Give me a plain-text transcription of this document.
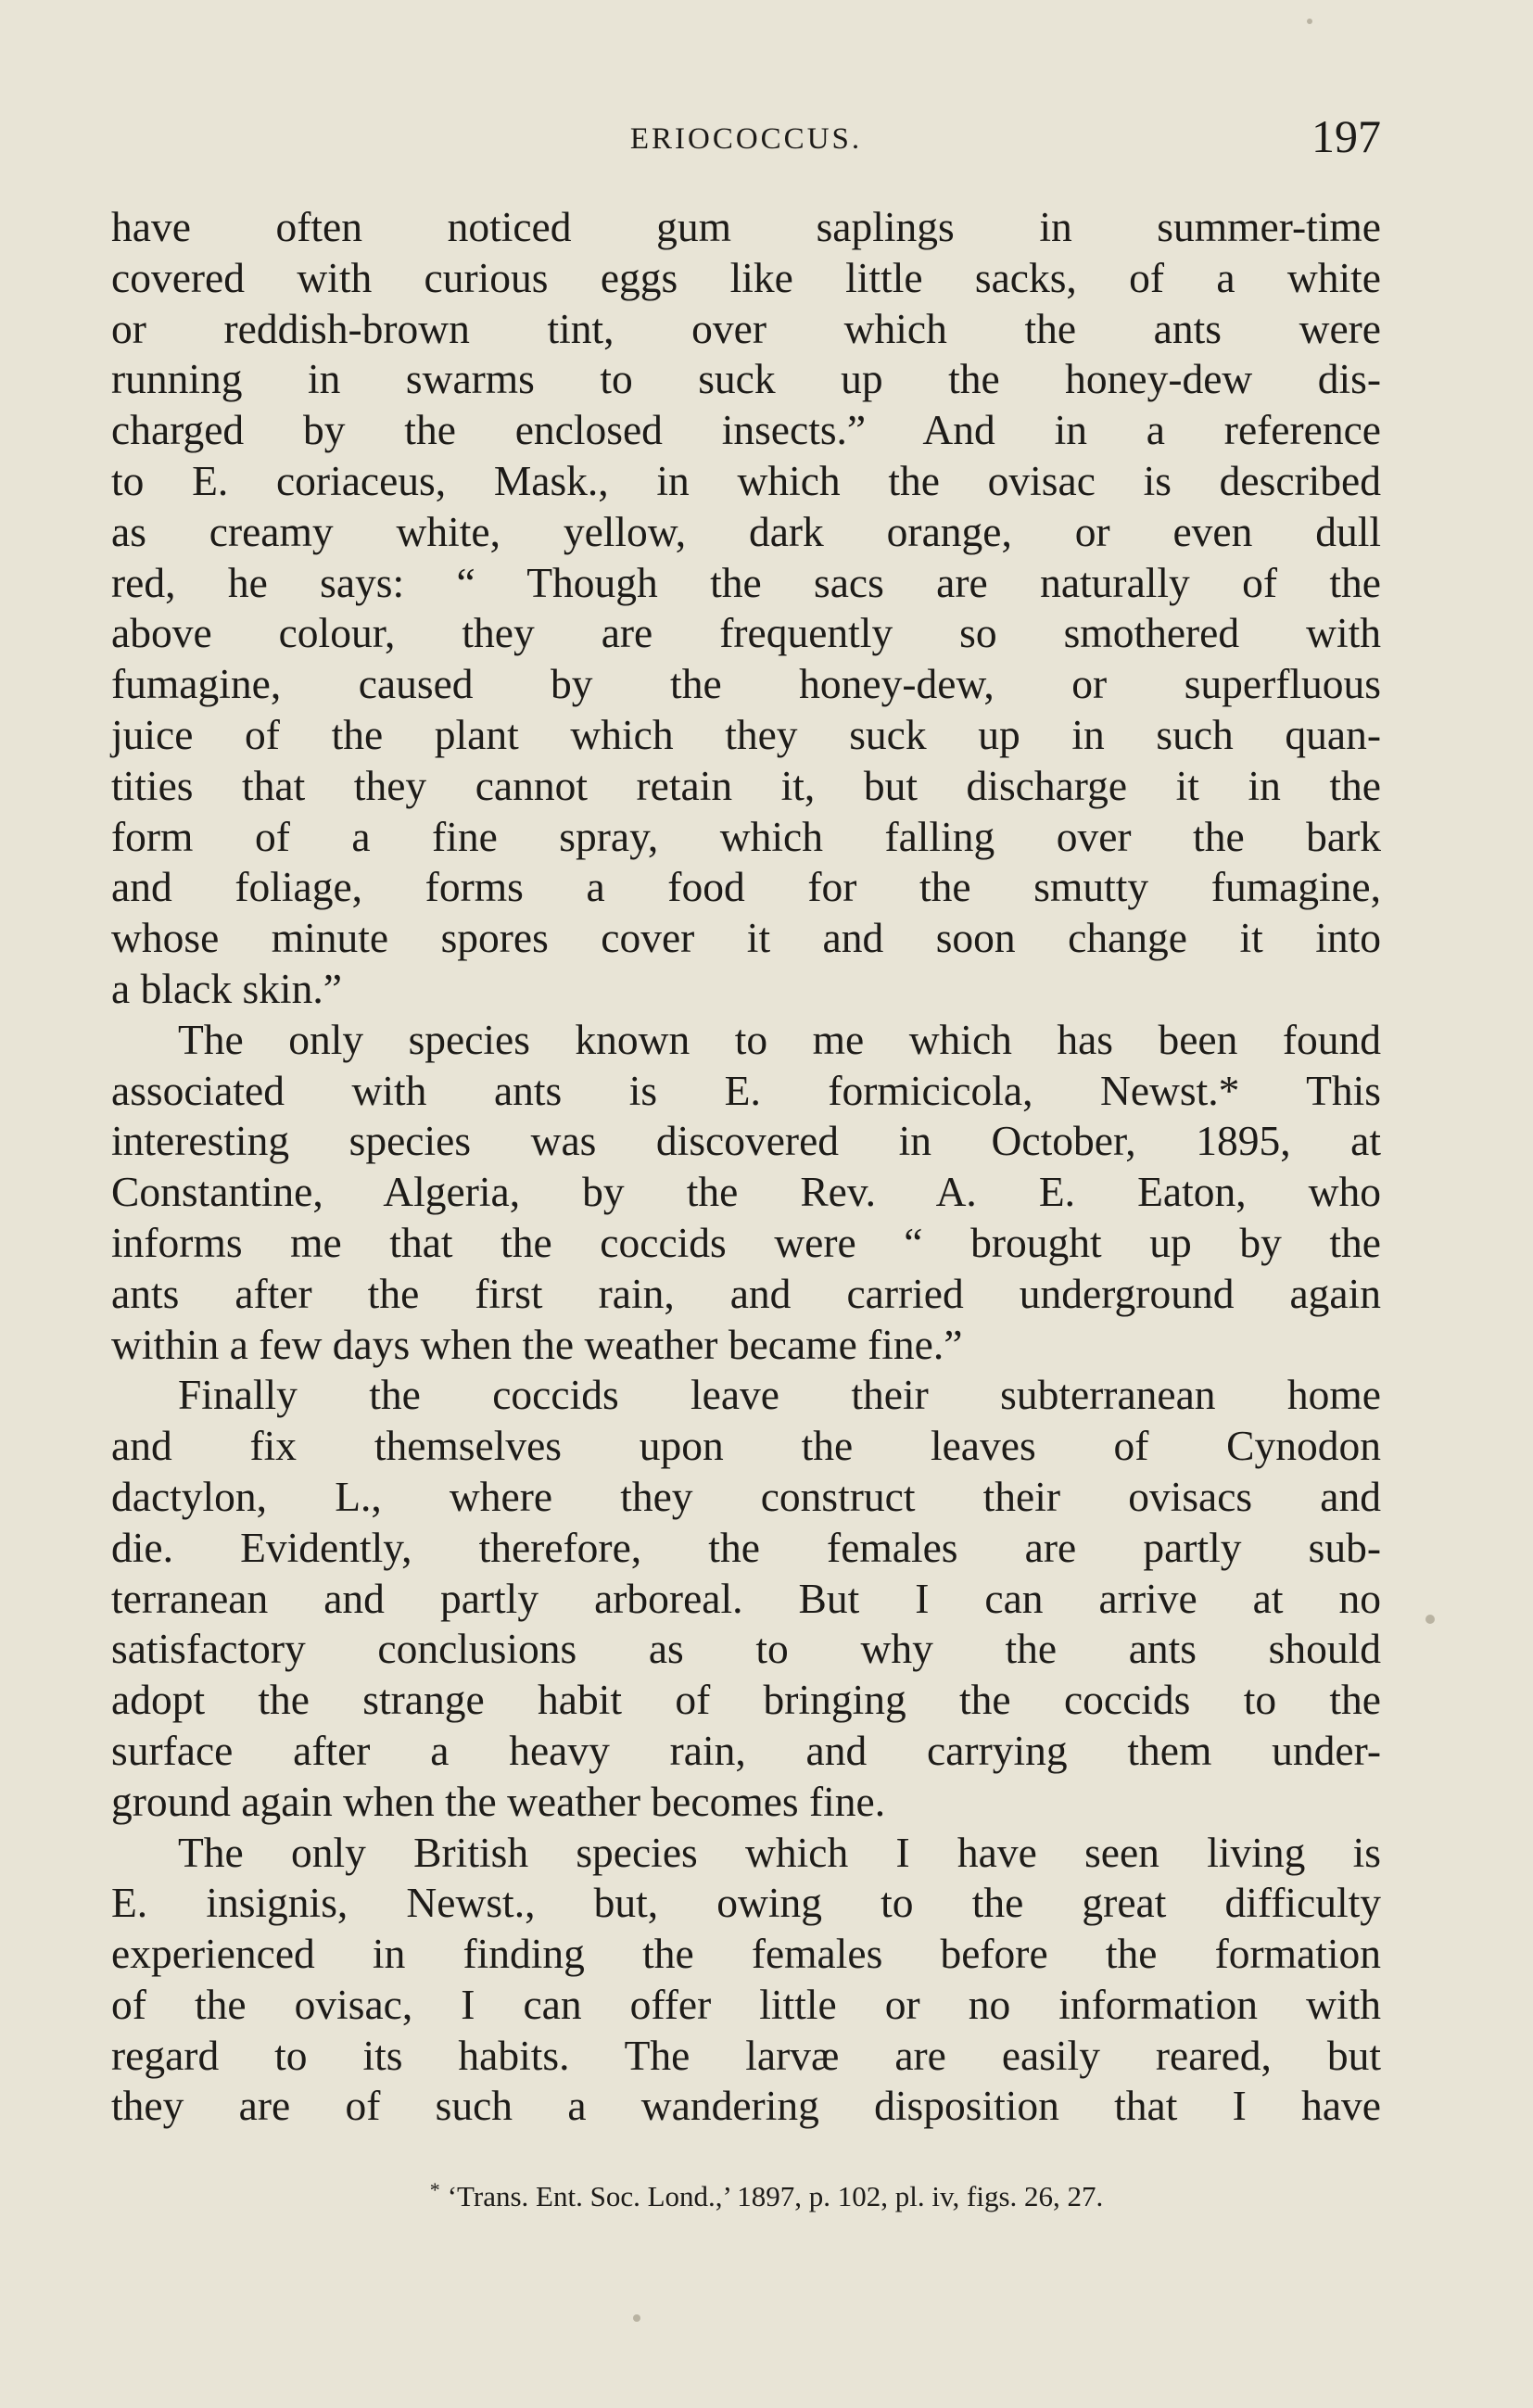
ERIOCOCCUS.	197
have often noticed gum saplings in summer-time
covered with curious eggs like little sacks, of a white
or reddish-brown tint, over which the ants were
running in swarms to suck up the honey-dew dis-
charged by the enclosed insects.” And in a reference
to E. coriaceus, Mask., in which the ovisac is described
as creamy white, yellow, dark orange, or even dull
red, he says: “ Though the sacs are naturally of the
above colour, they are frequently so smothered with
fumagine, caused by the honey-dew, or superfluous
juice of the plant which they suck up in such quan-
tities that they cannot retain it, but discharge it in the
form of a fine spray, which falling over the bark
and foliage, forms a food for the smutty fumagine,
whose minute spores cover it and soon change it into
a black skin.”
The only species known to me which has been found
associated with ants is E. formicicola, Newst.* This
interesting species was discovered in October, 1895, at
Constantine, Algeria, by the Rev. A. E. Eaton, who
informs me that the coccids were “ brought up by the
ants after the first rain, and carried underground again
within a few days when the weather became fine.”
Finally the coccids leave their subterranean home
and fix themselves upon the leaves of Cynodon
dactylon, L., where they construct their ovisacs and
die. Evidently, therefore, the females are partly sub-
terranean and partly arboreal. But I can arrive at no
satisfactory conclusions as to why the ants should
adopt the strange habit of bringing the coccids to the
surface after a heavy rain, and carrying them under-
ground again when the weather becomes fine.
The only British species which I have seen living is
E. insignis, Newst., but, owing to the great difficulty
experienced in finding the females before the formation
of the ovisac, I can offer little or no information with
regard to its habits. The larvæ are easily reared, but
they are of such a wandering disposition that I have
* ‘Trans. Ent. Soc. Lond.,’ 1897, p. 102, pl. iv, figs. 26, 27.
